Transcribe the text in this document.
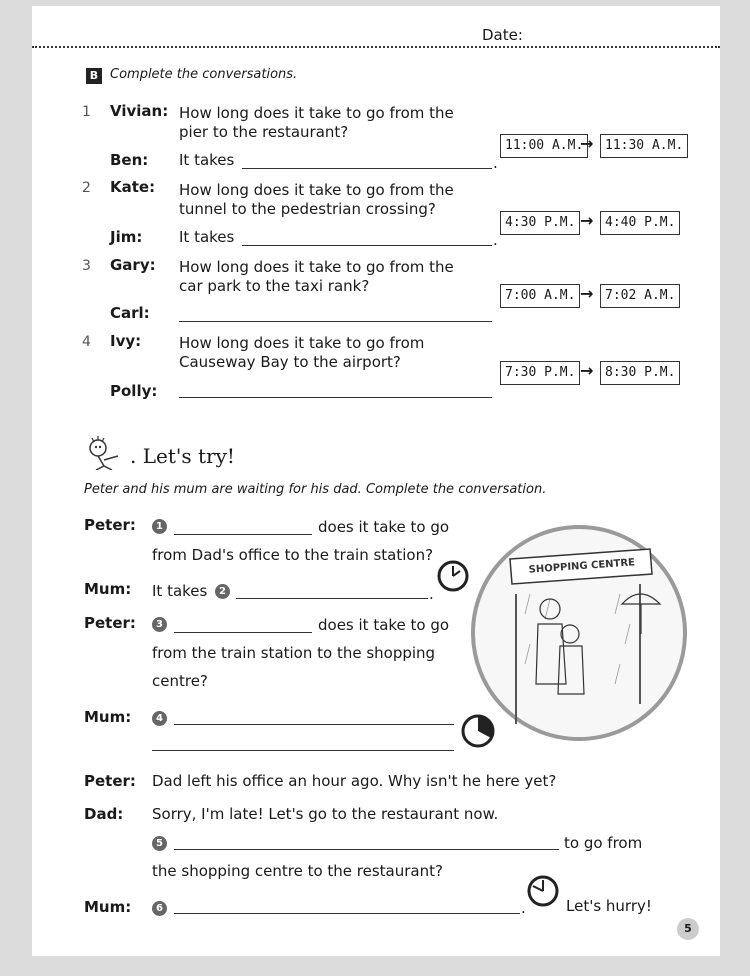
Date:
B Complete the conversations.
1 Vivian: How long does it take to go from the
pier to the restaurant?
Ben: It takes	.
11:00 A.M.
→ 11:30 A.M.
2 Kate: How long does it take to go from the
tunnel to the pedestrian crossing?
Jim: It takes	.
4:30 P.M. → 4:40 P.M.
3 Gary: How long does it take to go from the
car park to the taxi rank?
Carl:
7:00 A.M. → 7:02 A.M.
4 Ivy:	How long does it take to go from
Causeway Bay to the airport?
Polly:
7:30 P.M. → 8:30 P.M.
. Let's try!
Peter and his mum are waiting for his dad. Complete the conversation.
Peter:	1	does it take to go
from Dad's office to the train station?
Mum: It takes	2	.
Peter:	3	does it take to go
from the train station to the shopping
centre?
Mum:	4
SHOPPING CENTRE
Peter: Dad left his office an hour ago. Why isn't he here yet?
Dad: Sorry, I'm late! Let's go to the restaurant now.
5	to go from
the shopping centre to the restaurant?
Mum:	6	.	Let's hurry!
5
